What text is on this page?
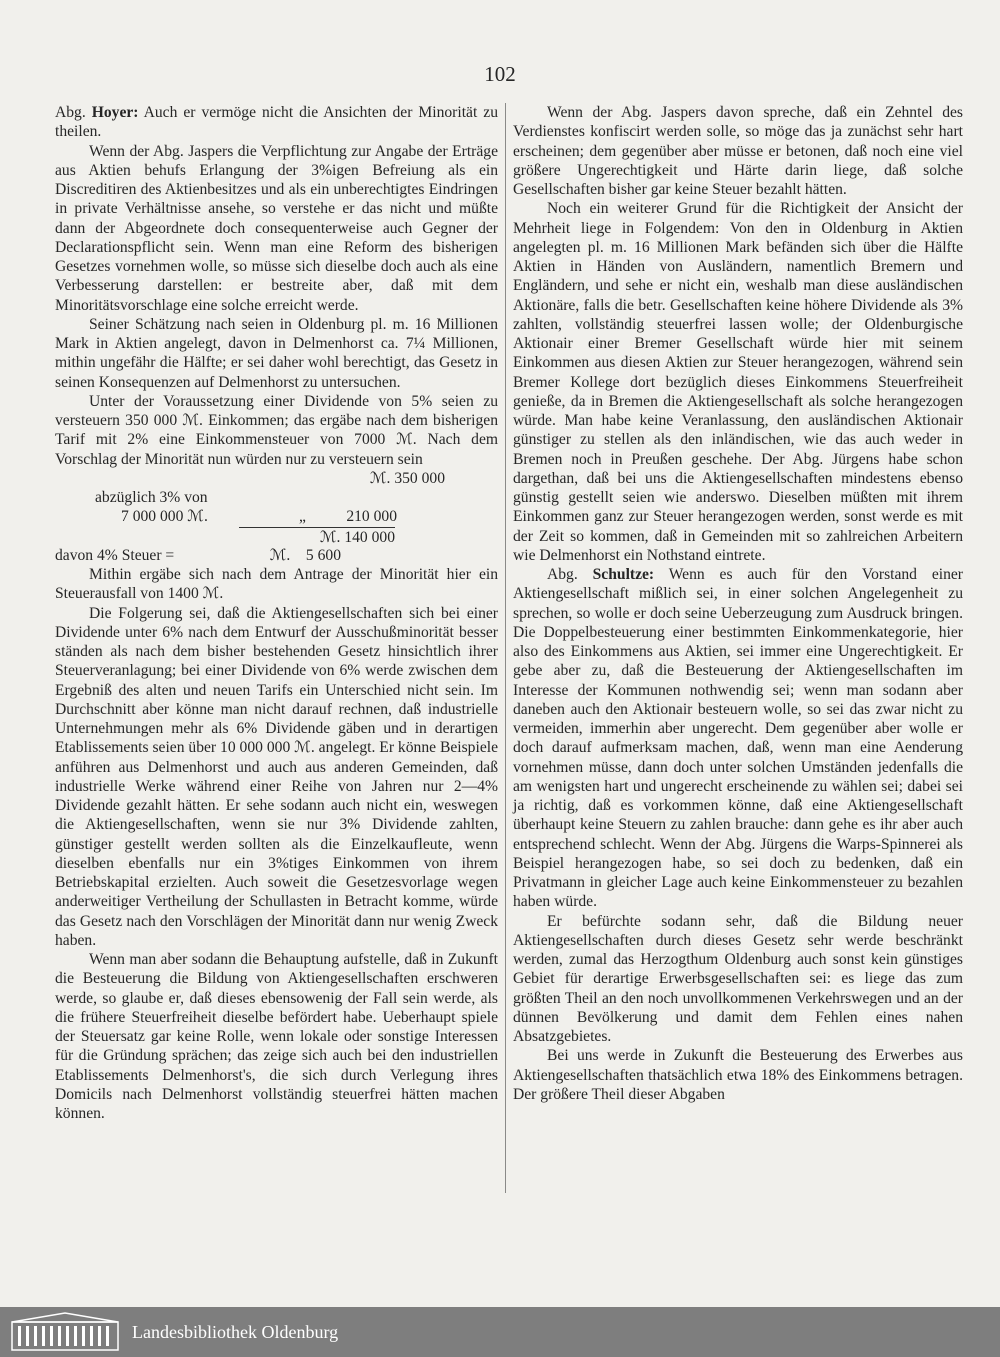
102

Abg. Hoyer: Auch er vermöge nicht die Ansichten der Minorität zu theilen.

Wenn der Abg. Jaspers die Verpflichtung zur Angabe der Erträge aus Aktien behufs Erlangung der 3%igen Befreiung als ein Discreditiren des Aktienbesitzes und als ein unberechtigtes Eindringen in private Verhältnisse ansehe, so verstehe er das nicht und müßte dann der Abgeordnete doch consequenterweise auch Gegner der Declarationspflicht sein. Wenn man eine Reform des bisherigen Gesetzes vornehmen wolle, so müsse sich dieselbe doch auch als eine Verbesserung darstellen: er bestreite aber, daß mit dem Minoritätsvorschlage eine solche erreicht werde.

Seiner Schätzung nach seien in Oldenburg pl. m. 16 Millionen Mark in Aktien angelegt, davon in Delmenhorst ca. 7¼ Millionen, mithin ungefähr die Hälfte; er sei daher wohl berechtigt, das Gesetz in seinen Konsequenzen auf Delmenhorst zu untersuchen.

Unter der Voraussetzung einer Dividende von 5% seien zu versteuern 350 000 ℳ. Einkommen; das ergäbe nach dem bisherigen Tarif mit 2% eine Einkommensteuer von 7000 ℳ. Nach dem Vorschlag der Minorität nun würden nur zu versteuern sein

ℳ. 350 000
abzüglich 3% von
7 000 000 ℳ.	„	210 000
ℳ. 140 000
davon 4% Steuer =	ℳ.    5 600

Mithin ergäbe sich nach dem Antrage der Minorität hier ein Steuerausfall von 1400 ℳ.

Die Folgerung sei, daß die Aktiengesellschaften sich bei einer Dividende unter 6% nach dem Entwurf der Ausschußminorität besser ständen als nach dem bisher bestehenden Gesetz hinsichtlich ihrer Steuerveranlagung; bei einer Dividende von 6% werde zwischen dem Ergebniß des alten und neuen Tarifs ein Unterschied nicht sein. Im Durchschnitt aber könne man nicht darauf rechnen, daß industrielle Unternehmungen mehr als 6% Dividende gäben und in derartigen Etablissements seien über 10 000 000 ℳ. angelegt. Er könne Beispiele anführen aus Delmenhorst und auch aus anderen Gemeinden, daß industrielle Werke während einer Reihe von Jahren nur 2—4% Dividende gezahlt hätten. Er sehe sodann auch nicht ein, weswegen die Aktiengesellschaften, wenn sie nur 3% Dividende zahlten, günstiger gestellt werden sollten als die Einzelkaufleute, wenn dieselben ebenfalls nur ein 3%tiges Einkommen von ihrem Betriebskapital erzielten. Auch soweit die Gesetzesvorlage wegen anderweitiger Vertheilung der Schullasten in Betracht komme, würde das Gesetz nach den Vorschlägen der Minorität dann nur wenig Zweck haben.

Wenn man aber sodann die Behauptung aufstelle, daß in Zukunft die Besteuerung die Bildung von Aktiengesellschaften erschweren werde, so glaube er, daß dieses ebensowenig der Fall sein werde, als die frühere Steuerfreiheit dieselbe befördert habe. Ueberhaupt spiele der Steuersatz gar keine Rolle, wenn lokale oder sonstige Interessen für die Gründung sprächen; das zeige sich auch bei den industriellen Etablissements Delmenhorst's, die sich durch Verlegung ihres Domicils nach Delmenhorst vollständig steuerfrei hätten machen können.

Wenn der Abg. Jaspers davon spreche, daß ein Zehntel des Verdienstes konfiscirt werden solle, so möge das ja zunächst sehr hart erscheinen; dem gegenüber aber müsse er betonen, daß noch eine viel größere Ungerechtigkeit und Härte darin liege, daß solche Gesellschaften bisher gar keine Steuer bezahlt hätten.

Noch ein weiterer Grund für die Richtigkeit der Ansicht der Mehrheit liege in Folgendem: Von den in Oldenburg in Aktien angelegten pl. m. 16 Millionen Mark befänden sich über die Hälfte Aktien in Händen von Ausländern, namentlich Bremern und Engländern, und sehe er nicht ein, weshalb man diese ausländischen Aktionäre, falls die betr. Gesellschaften keine höhere Dividende als 3% zahlten, vollständig steuerfrei lassen wolle; der Oldenburgische Aktionair einer Bremer Gesellschaft würde hier mit seinem Einkommen aus diesen Aktien zur Steuer herangezogen, während sein Bremer Kollege dort bezüglich dieses Einkommens Steuerfreiheit genieße, da in Bremen die Aktiengesellschaft als solche herangezogen würde. Man habe keine Veranlassung, den ausländischen Aktionair günstiger zu stellen als den inländischen, wie das auch weder in Bremen noch in Preußen geschehe. Der Abg. Jürgens habe schon dargethan, daß bei uns die Aktiengesellschaften mindestens ebenso günstig gestellt seien wie anderswo. Dieselben müßten mit ihrem Einkommen ganz zur Steuer herangezogen werden, sonst werde es mit der Zeit so kommen, daß in Gemeinden mit so zahlreichen Arbeitern wie Delmenhorst ein Nothstand eintrete.

Abg. Schultze: Wenn es auch für den Vorstand einer Aktiengesellschaft mißlich sei, in einer solchen Angelegenheit zu sprechen, so wolle er doch seine Ueberzeugung zum Ausdruck bringen. Die Doppelbesteuerung einer bestimmten Einkommenkategorie, hier also des Einkommens aus Aktien, sei immer eine Ungerechtigkeit. Er gebe aber zu, daß die Besteuerung der Aktiengesellschaften im Interesse der Kommunen nothwendig sei; wenn man sodann aber daneben auch den Aktionair besteuern wolle, so sei das zwar nicht zu vermeiden, immerhin aber ungerecht. Dem gegenüber aber wolle er doch darauf aufmerksam machen, daß, wenn man eine Aenderung vornehmen müsse, dann doch unter solchen Umständen jedenfalls die am wenigsten hart und ungerecht erscheinende zu wählen sei; dabei sei ja richtig, daß es vorkommen könne, daß eine Aktiengesellschaft überhaupt keine Steuern zu zahlen brauche: dann gehe es ihr aber auch entsprechend schlecht. Wenn der Abg. Jürgens die Warps-Spinnerei als Beispiel herangezogen habe, so sei doch zu bedenken, daß ein Privatmann in gleicher Lage auch keine Einkommensteuer zu bezahlen haben würde.

Er befürchte sodann sehr, daß die Bildung neuer Aktiengesellschaften durch dieses Gesetz sehr werde beschränkt werden, zumal das Herzogthum Oldenburg auch sonst kein günstiges Gebiet für derartige Erwerbsgesellschaften sei: es liege das zum größten Theil an den noch unvollkommenen Verkehrswegen und an der dünnen Bevölkerung und damit dem Fehlen eines nahen Absatzgebietes.

Bei uns werde in Zukunft die Besteuerung des Erwerbes aus Aktiengesellschaften thatsächlich etwa 18% des Einkommens betragen. Der größere Theil dieser Abgaben

Landesbibliothek Oldenburg
